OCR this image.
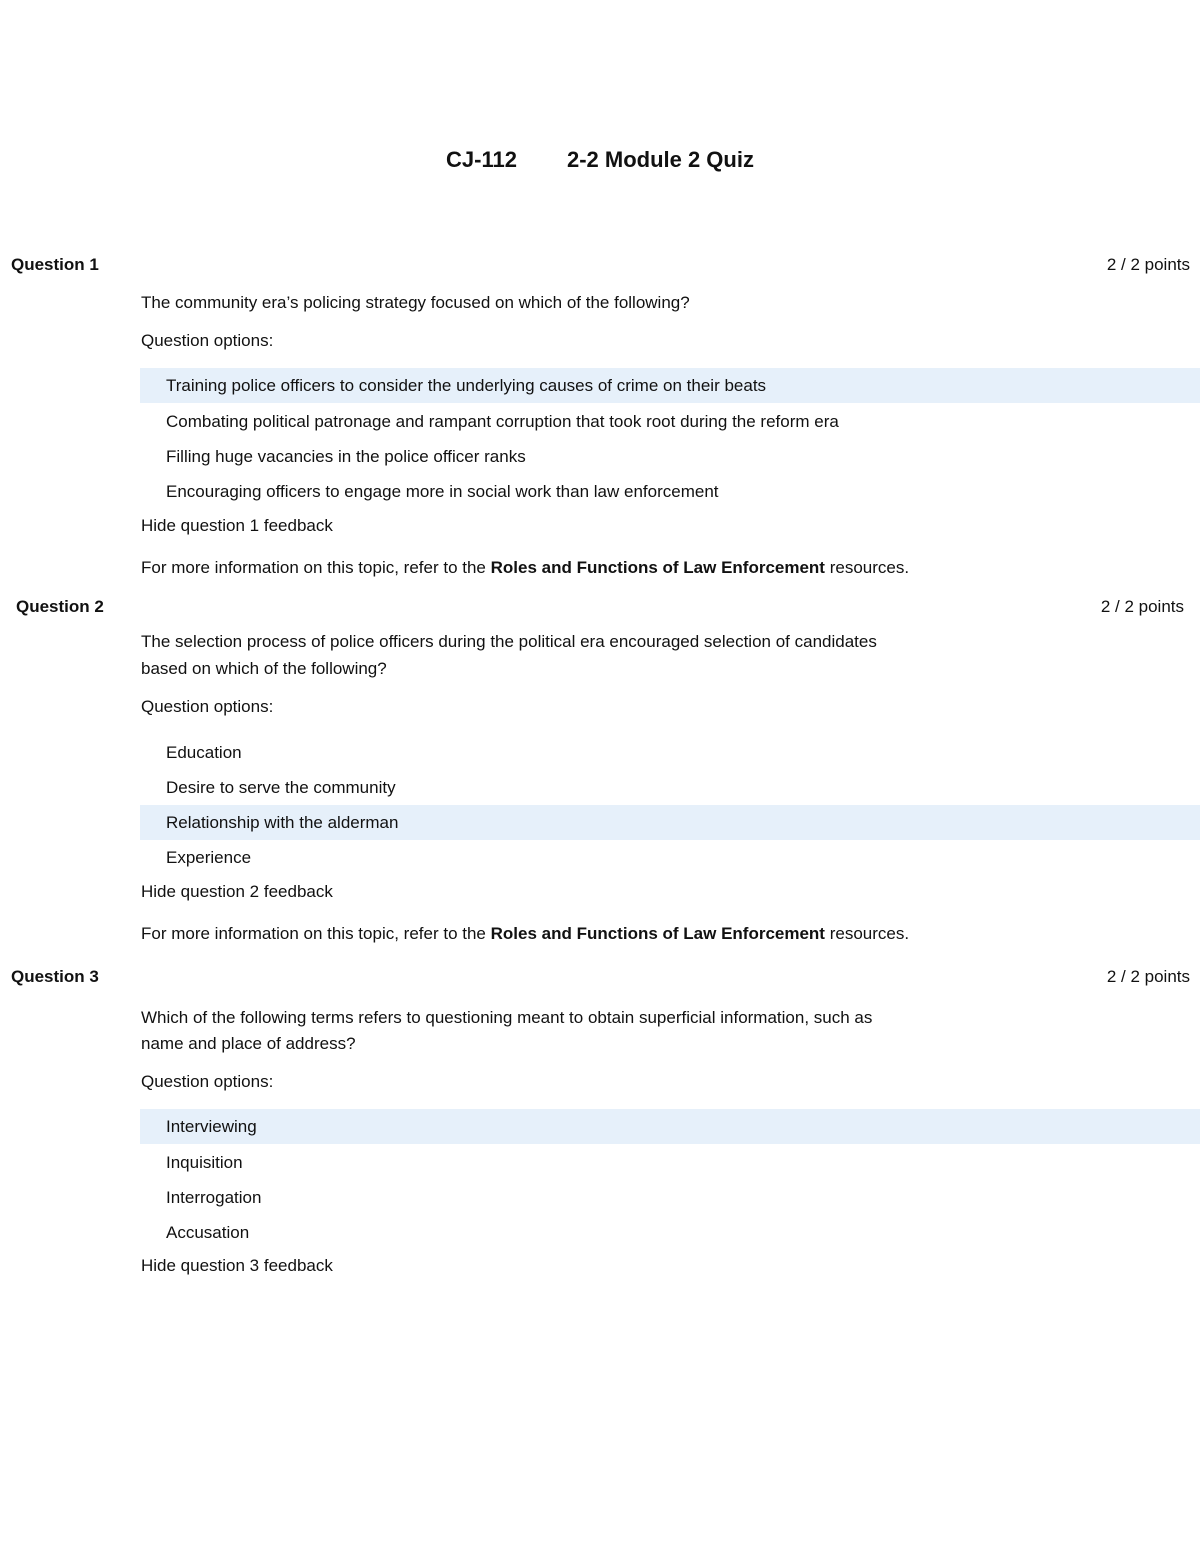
CJ-112 2-2 Module 2 Quiz
Question 1	2 / 2 points
The community era’s policing strategy focused on which of the following?
Question options:
Training police officers to consider the underlying causes of crime on their beats
Combating political patronage and rampant corruption that took root during the reform era
Filling huge vacancies in the police officer ranks
Encouraging officers to engage more in social work than law enforcement
Hide question 1 feedback
For more information on this topic, refer to the Roles and Functions of Law Enforcement resources.
Question 2	2 / 2 points
The selection process of police officers during the political era encouraged selection of candidates
based on which of the following?
Question options:
Education
Desire to serve the community
Relationship with the alderman
Experience
Hide question 2 feedback
For more information on this topic, refer to the Roles and Functions of Law Enforcement resources.
Question 3	2 / 2 points
Which of the following terms refers to questioning meant to obtain superficial information, such as
name and place of address?
Question options:
Interviewing
Inquisition
Interrogation
Accusation
Hide question 3 feedback
